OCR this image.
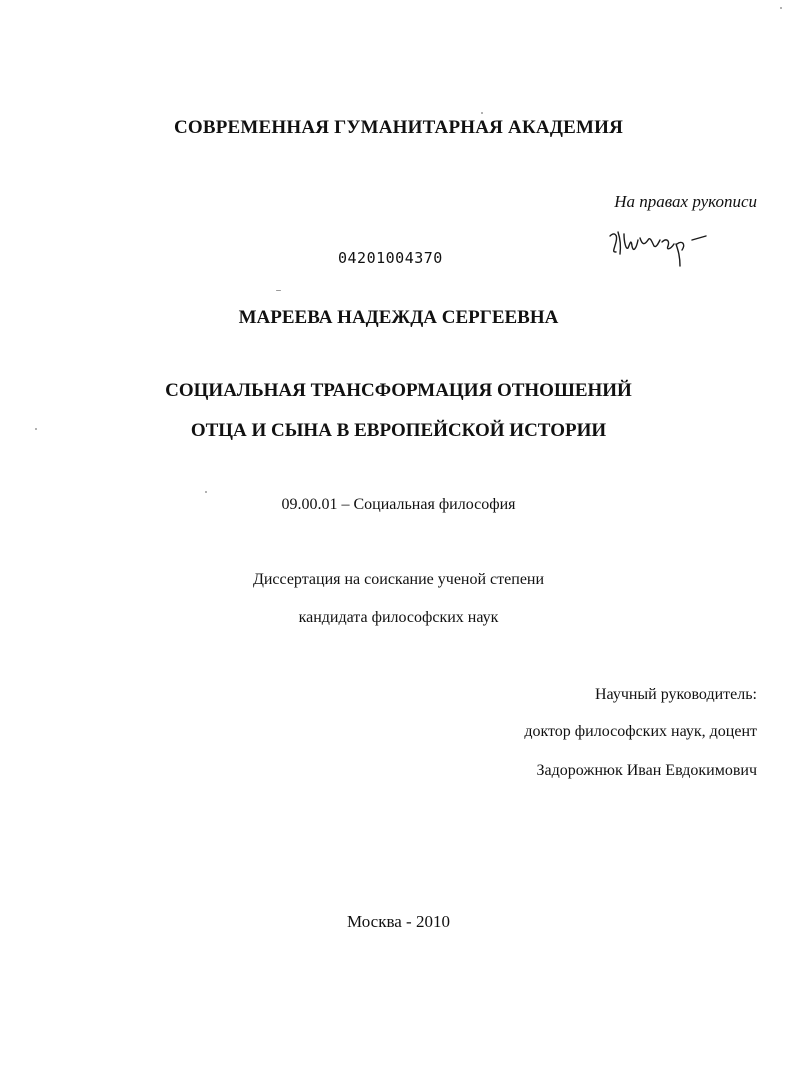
СОВРЕМЕННАЯ ГУМАНИТАРНАЯ АКАДЕМИЯ
На правах рукописи
04201004370
МАРЕЕВА НАДЕЖДА СЕРГЕЕВНА
СОЦИАЛЬНАЯ ТРАНСФОРМАЦИЯ ОТНОШЕНИЙ
ОТЦА И СЫНА В ЕВРОПЕЙСКОЙ ИСТОРИИ
09.00.01 – Социальная философия
Диссертация на соискание ученой степени
кандидата философских наук
Научный руководитель:
доктор философских наук, доцент
Задорожнюк Иван Евдокимович
Москва - 2010
